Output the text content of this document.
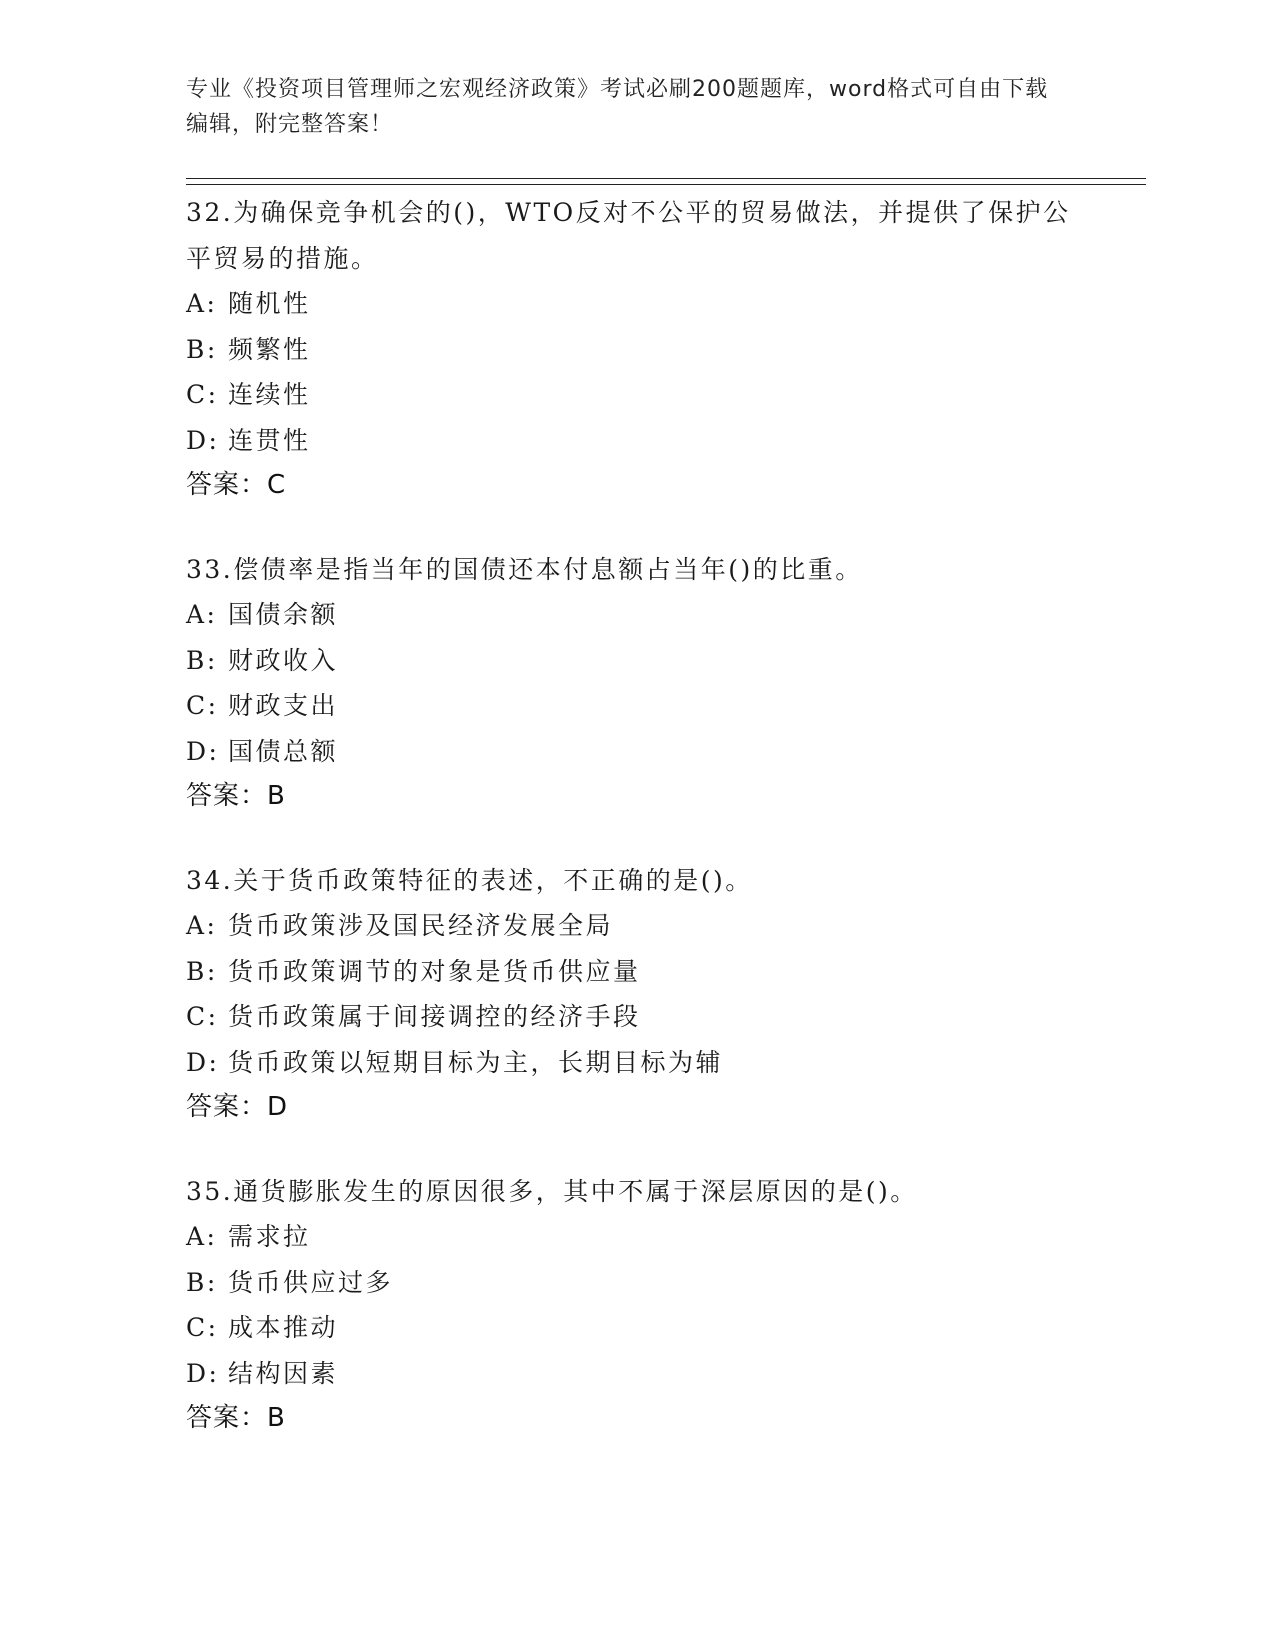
专业《投资项目管理师之宏观经济政策》考试必刷200题题库，word格式可自由下载编辑，附完整答案！
32.为确保竞争机会的()，WTO反对不公平的贸易做法，并提供了保护公平贸易的措施。
A: 随机性
B: 频繁性
C: 连续性
D: 连贯性
答案：C
33.偿债率是指当年的国债还本付息额占当年()的比重。
A: 国债余额
B: 财政收入
C: 财政支出
D: 国债总额
答案：B
34.关于货币政策特征的表述，不正确的是()。
A: 货币政策涉及国民经济发展全局
B: 货币政策调节的对象是货币供应量
C: 货币政策属于间接调控的经济手段
D: 货币政策以短期目标为主，长期目标为辅
答案：D
35.通货膨胀发生的原因很多，其中不属于深层原因的是()。
A: 需求拉
B: 货币供应过多
C: 成本推动
D: 结构因素
答案：B
